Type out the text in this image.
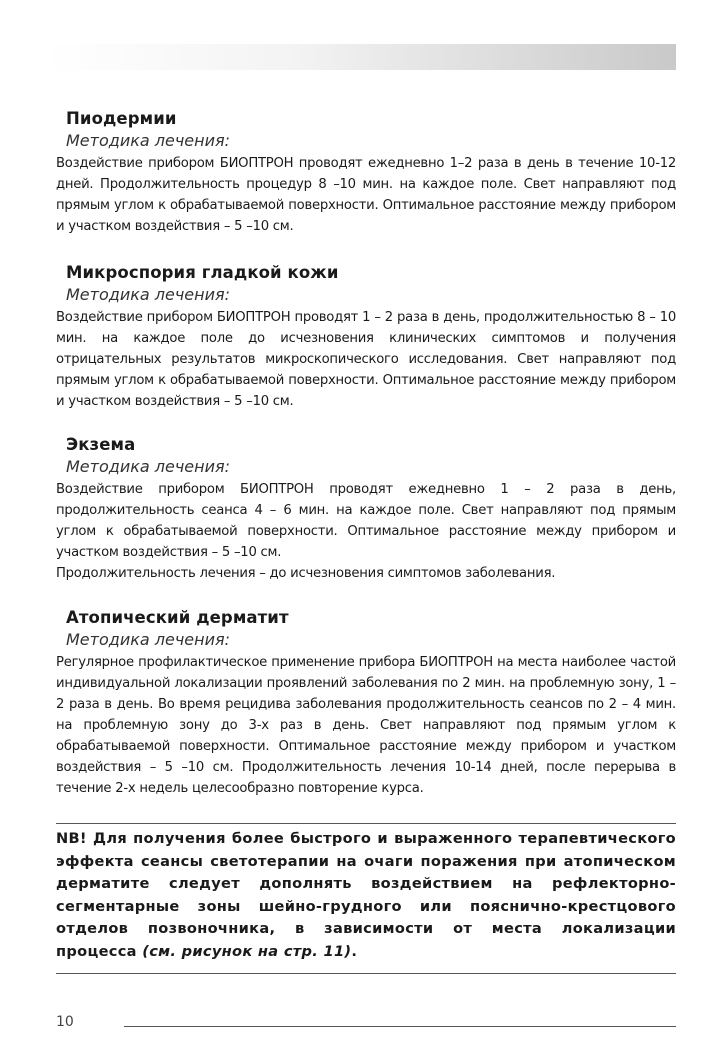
Пиодермии
Методика лечения:

Воздействие прибором БИОПТРОН проводят ежедневно 1–2 раза в день в течение 10-12 дней. Продолжительность процедур 8 –10 мин. на каждое поле. Свет направляют под прямым углом к обрабатываемой поверхности. Оптимальное расстояние между прибором и участком воздействия – 5 –10 см.

Микроспория гладкой кожи
Методика лечения:

Воздействие прибором БИОПТРОН проводят 1 – 2 раза в день, продолжительностью 8 – 10 мин. на каждое поле до исчезновения клинических симптомов и получения отрицательных результатов микроскопического исследования. Свет направляют под прямым углом к обрабатываемой поверхности. Оптимальное расстояние между прибором и участком воздействия – 5 –10 см.

Экзема
Методика лечения:

Воздействие прибором БИОПТРОН проводят ежедневно 1 – 2 раза в день, продолжительность сеанса 4 – 6 мин. на каждое поле. Свет направляют под прямым углом к обрабатываемой поверхности. Оптимальное расстояние между прибором и участком воздействия – 5 –10 см.

Продолжительность лечения – до исчезновения симптомов заболевания.

Атопический дерматит
Методика лечения:

Регулярное профилактическое применение прибора БИОПТРОН на места наиболее частой индивидуальной локализации проявлений заболевания по 2 мин. на проблемную зону, 1 – 2 раза в день. Во время рецидива заболевания продолжительность сеансов по 2 – 4 мин. на проблемную зону до 3-х раз в день. Свет направляют под прямым углом к обрабатываемой поверхности. Оптимальное расстояние между прибором и участком воздействия – 5 –10 см. Продолжительность лечения 10-14 дней, после перерыва в течение 2-х недель целесообразно повторение курса.

NB! Для получения более быстрого и выраженного терапевтического эффекта сеансы светотерапии на очаги поражения при атопическом дерматите следует дополнять воздействием на рефлекторно-сегментарные зоны шейно-грудного или пояснично-крестцового отделов позвоночника, в зависимости от места локализации процесса (см. рисунок на стр. 11).

10
